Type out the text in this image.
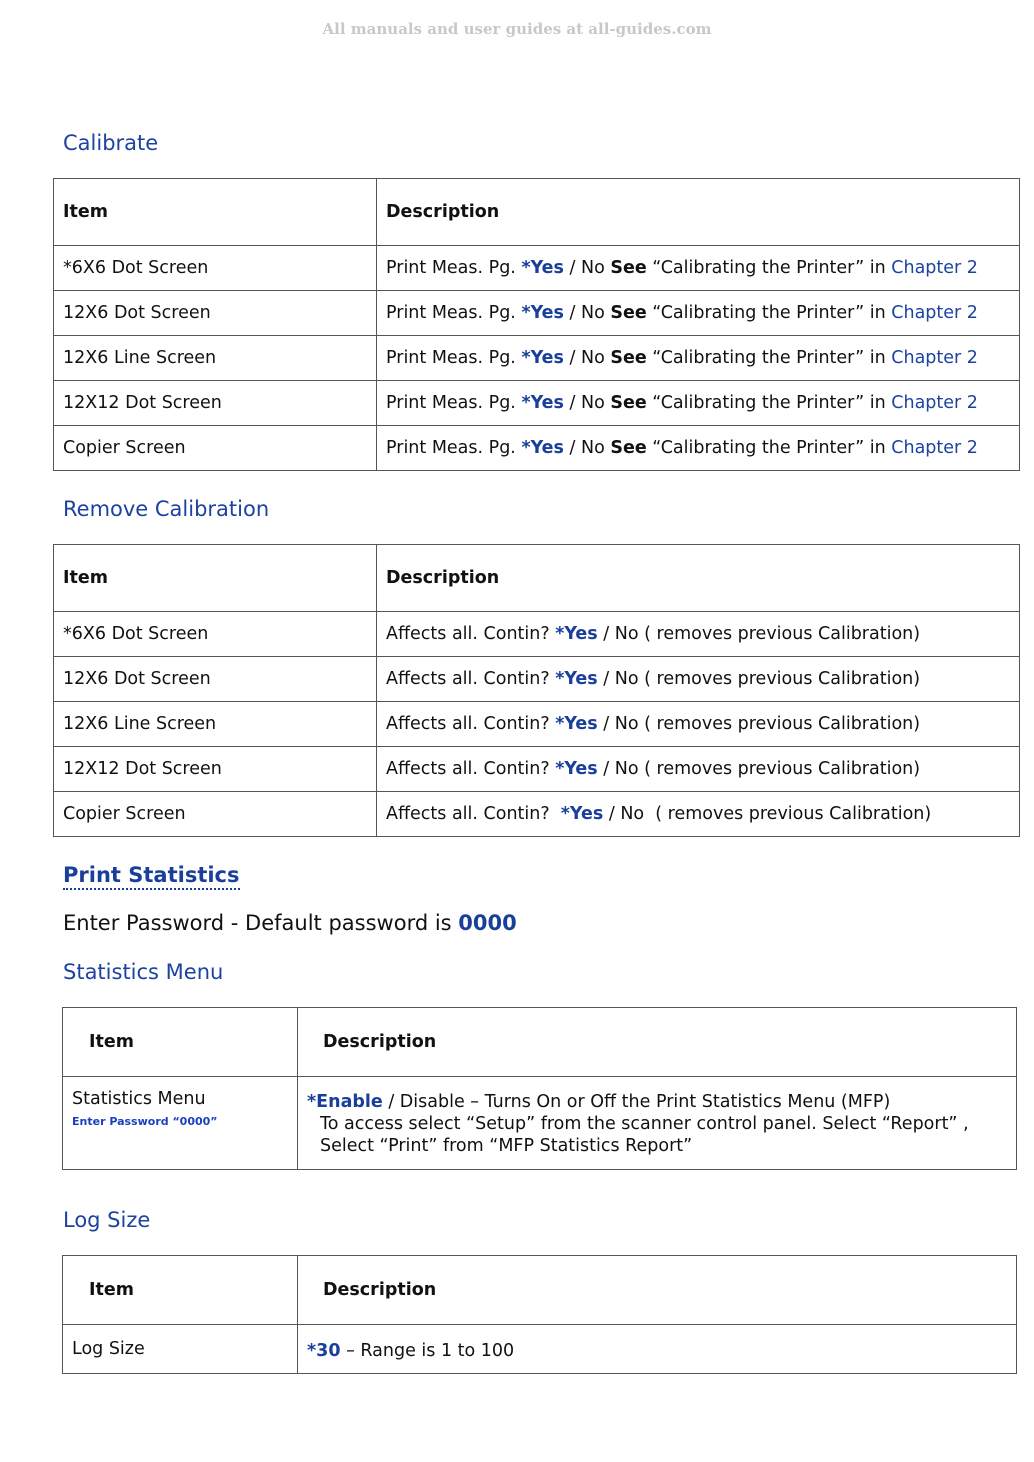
All manuals and user guides at all-guides.com
Calibrate
Item	Description
*6X6 Dot Screen	Print Meas. Pg. *Yes / No See “Calibrating the Printer” in Chapter 2
12X6 Dot Screen	Print Meas. Pg. *Yes / No See “Calibrating the Printer” in Chapter 2
12X6 Line Screen	Print Meas. Pg. *Yes / No See “Calibrating the Printer” in Chapter 2
12X12 Dot Screen	Print Meas. Pg. *Yes / No See “Calibrating the Printer” in Chapter 2
Copier Screen	Print Meas. Pg. *Yes / No See “Calibrating the Printer” in Chapter 2
Remove Calibration
Item	Description
*6X6 Dot Screen	Affects all. Contin? *Yes / No ( removes previous Calibration)
12X6 Dot Screen	Affects all. Contin? *Yes / No ( removes previous Calibration)
12X6 Line Screen	Affects all. Contin? *Yes / No ( removes previous Calibration)
12X12 Dot Screen	Affects all. Contin? *Yes / No ( removes previous Calibration)
Copier Screen	Affects all. Contin?  *Yes / No  ( removes previous Calibration)
Print Statistics
Enter Password - Default password is 0000
Statistics Menu
Item	Description
Statistics Menu
Enter Password “0000”	*Enable / Disable – Turns On or Off the Print Statistics Menu (MFP)
To access select “Setup” from the scanner control panel. Select “Report” ,
Select “Print” from “MFP Statistics Report”
Log Size
Item	Description
Log Size	*30 – Range is 1 to 100
